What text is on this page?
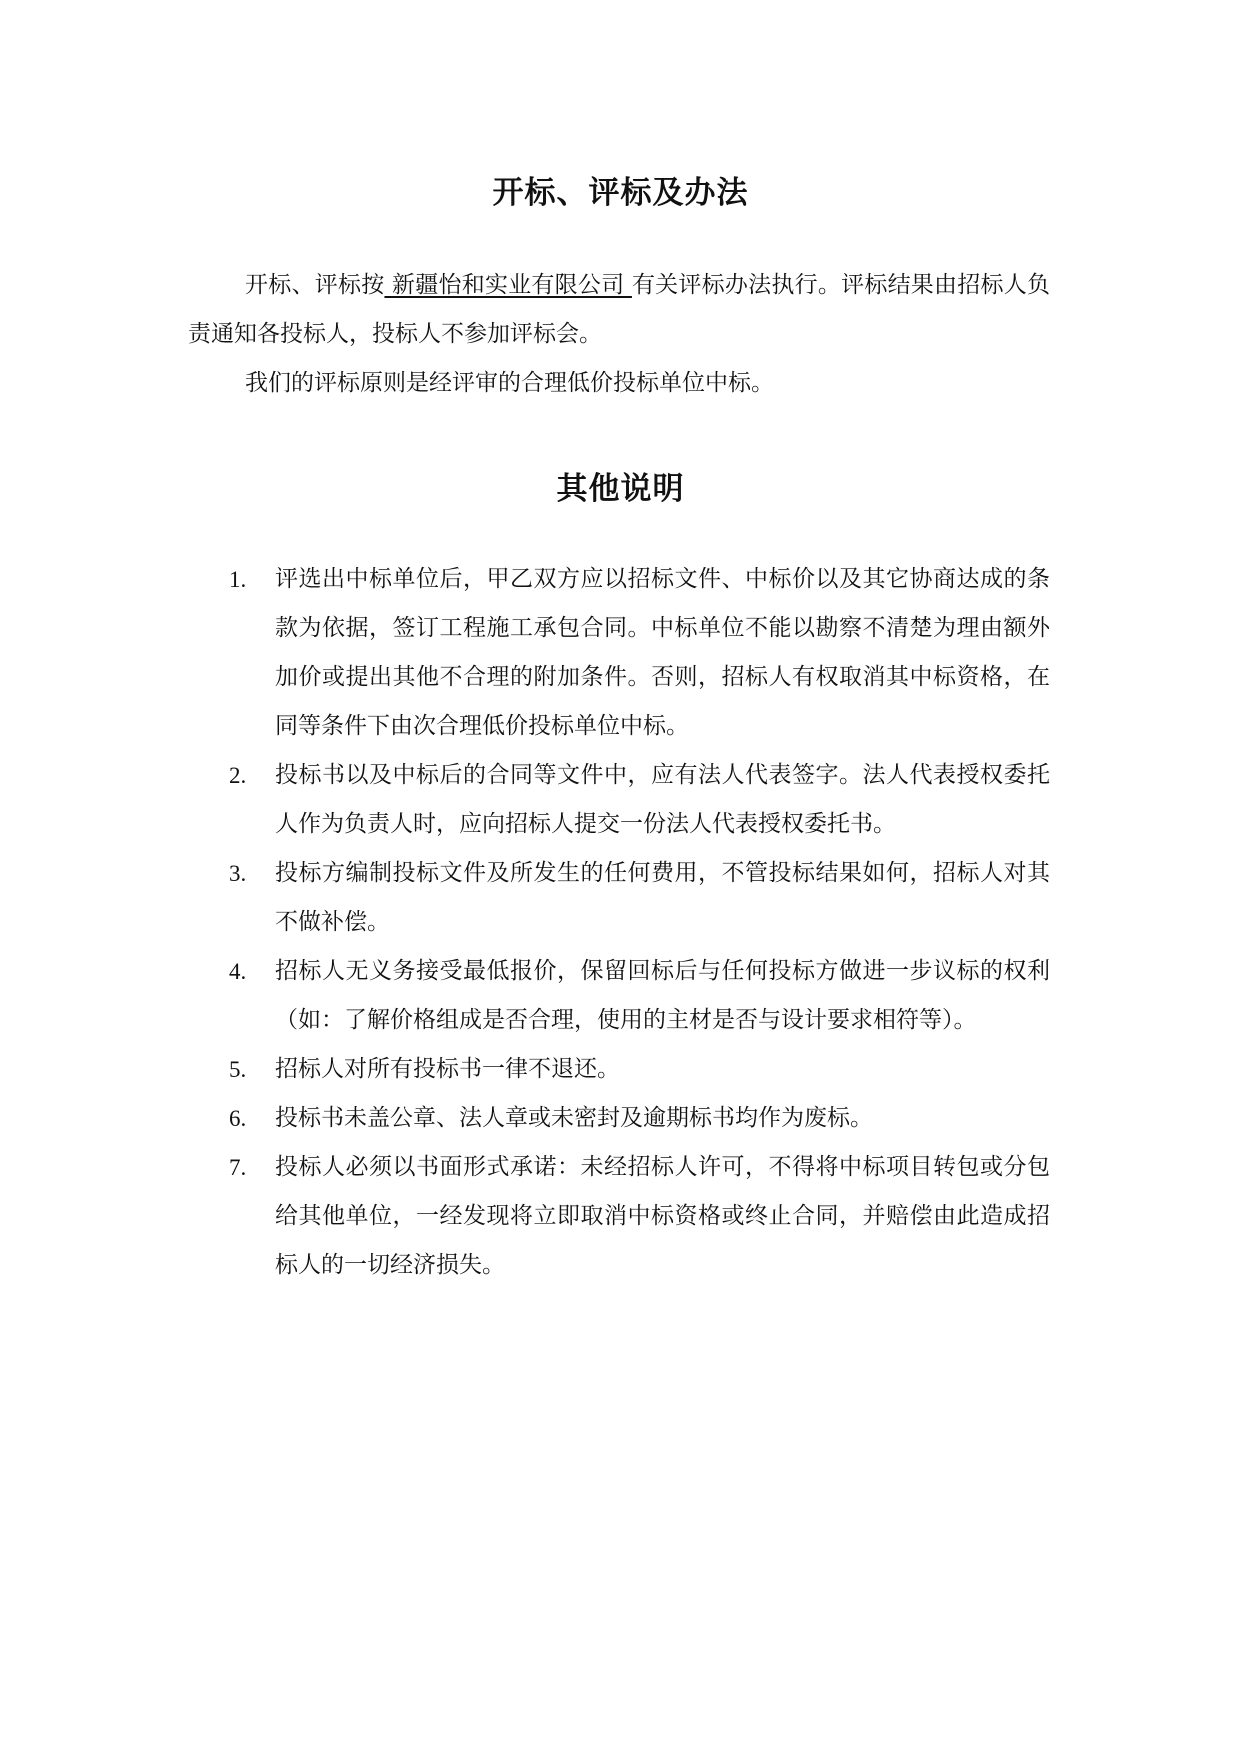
开标、评标及办法

开标、评标按 新疆怡和实业有限公司 有关评标办法执行。评标结果由招标人负责通知各投标人，投标人不参加评标会。

我们的评标原则是经评审的合理低价投标单位中标。

其他说明
1. 评选出中标单位后，甲乙双方应以招标文件、中标价以及其它协商达成的条款为依据，签订工程施工承包合同。中标单位不能以勘察不清楚为理由额外加价或提出其他不合理的附加条件。否则，招标人有权取消其中标资格，在同等条件下由次合理低价投标单位中标。
2. 投标书以及中标后的合同等文件中，应有法人代表签字。法人代表授权委托人作为负责人时，应向招标人提交一份法人代表授权委托书。
3. 投标方编制投标文件及所发生的任何费用，不管投标结果如何，招标人对其不做补偿。
4. 招标人无义务接受最低报价，保留回标后与任何投标方做进一步议标的权利（如：了解价格组成是否合理，使用的主材是否与设计要求相符等）。
5. 招标人对所有投标书一律不退还。
6. 投标书未盖公章、法人章或未密封及逾期标书均作为废标。
7. 投标人必须以书面形式承诺：未经招标人许可，不得将中标项目转包或分包给其他单位，一经发现将立即取消中标资格或终止合同，并赔偿由此造成招标人的一切经济损失。
